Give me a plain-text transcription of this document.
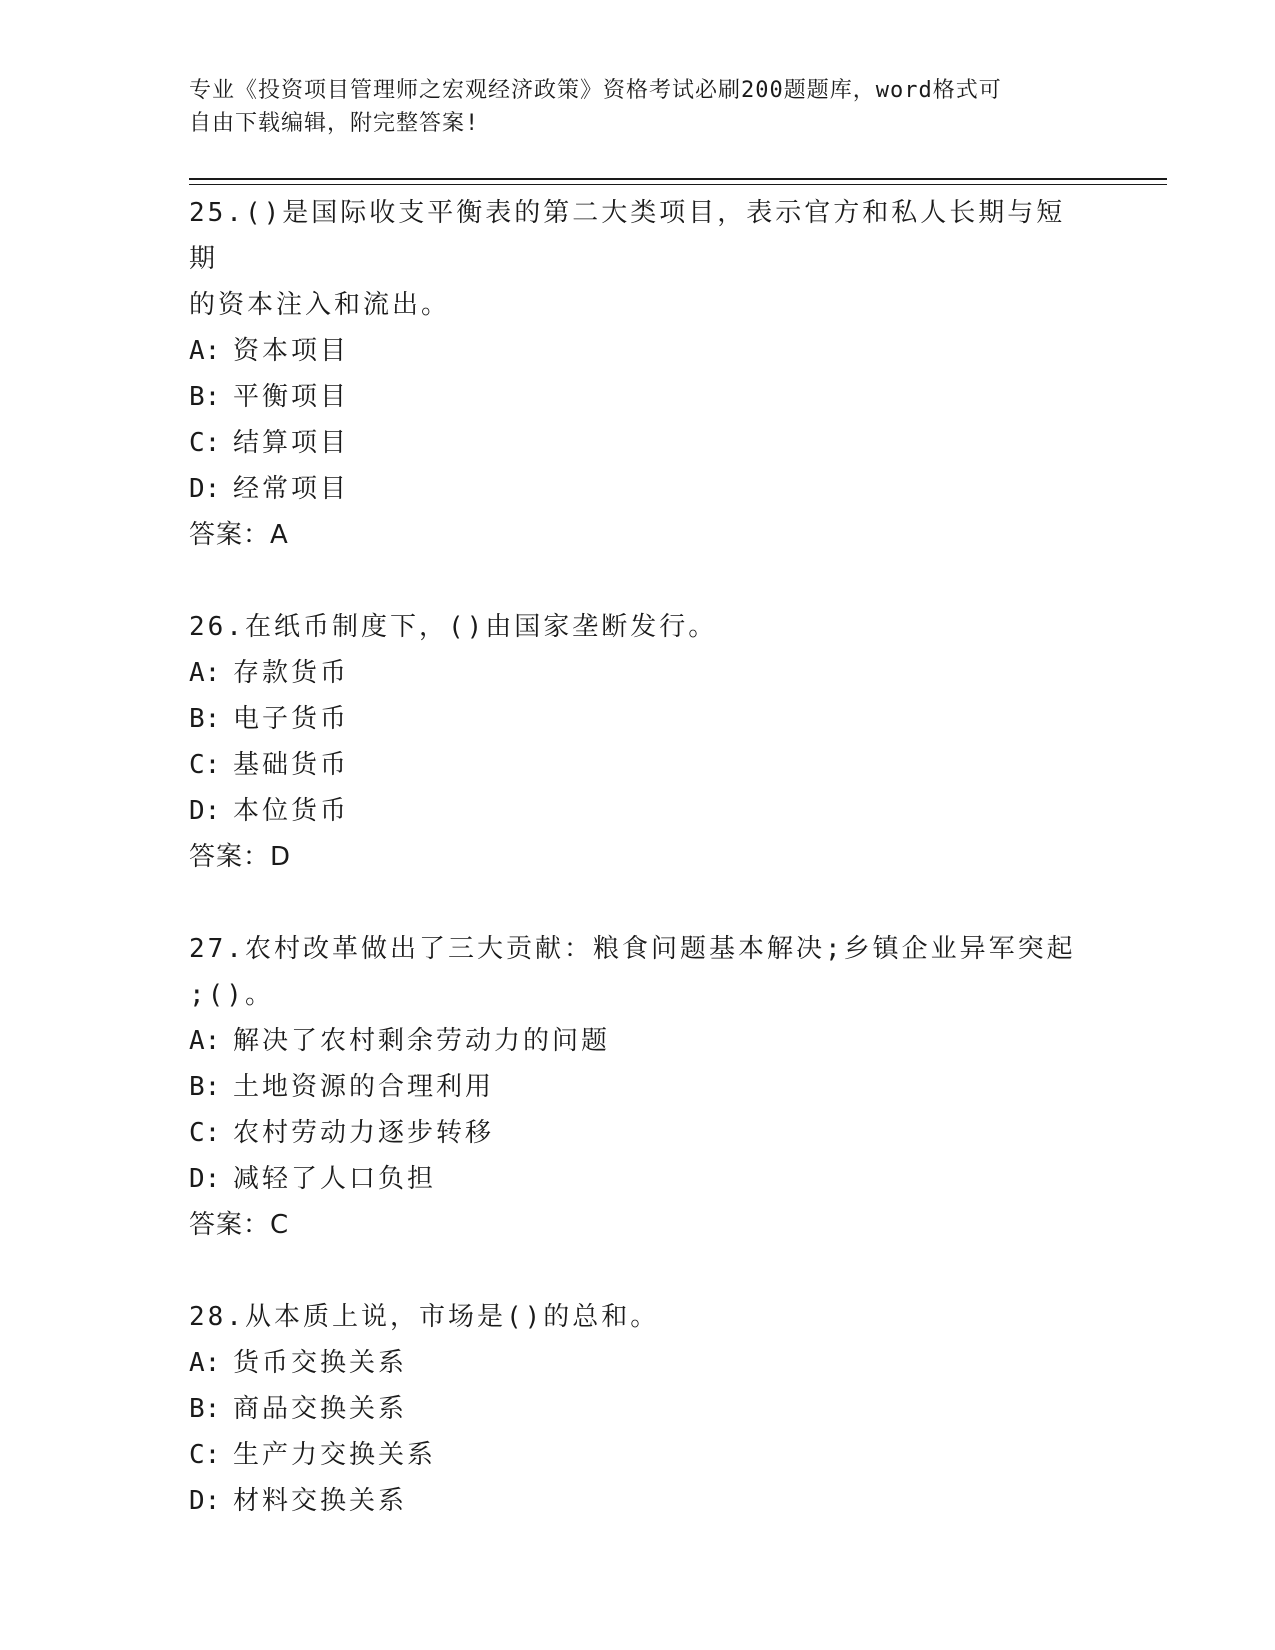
专业《投资项目管理师之宏观经济政策》资格考试必刷200题题库，word格式可
自由下载编辑，附完整答案!
25.()是国际收支平衡表的第二大类项目，表示官方和私人长期与短期
的资本注入和流出。
A: 资本项目
B: 平衡项目
C: 结算项目
D: 经常项目
答案：A
26.在纸币制度下，()由国家垄断发行。
A: 存款货币
B: 电子货币
C: 基础货币
D: 本位货币
答案：D
27.农村改革做出了三大贡献：粮食问题基本解决;乡镇企业异军突起
;()。
A: 解决了农村剩余劳动力的问题
B: 土地资源的合理利用
C: 农村劳动力逐步转移
D: 减轻了人口负担
答案：C
28.从本质上说，市场是()的总和。
A: 货币交换关系
B: 商品交换关系
C: 生产力交换关系
D: 材料交换关系
